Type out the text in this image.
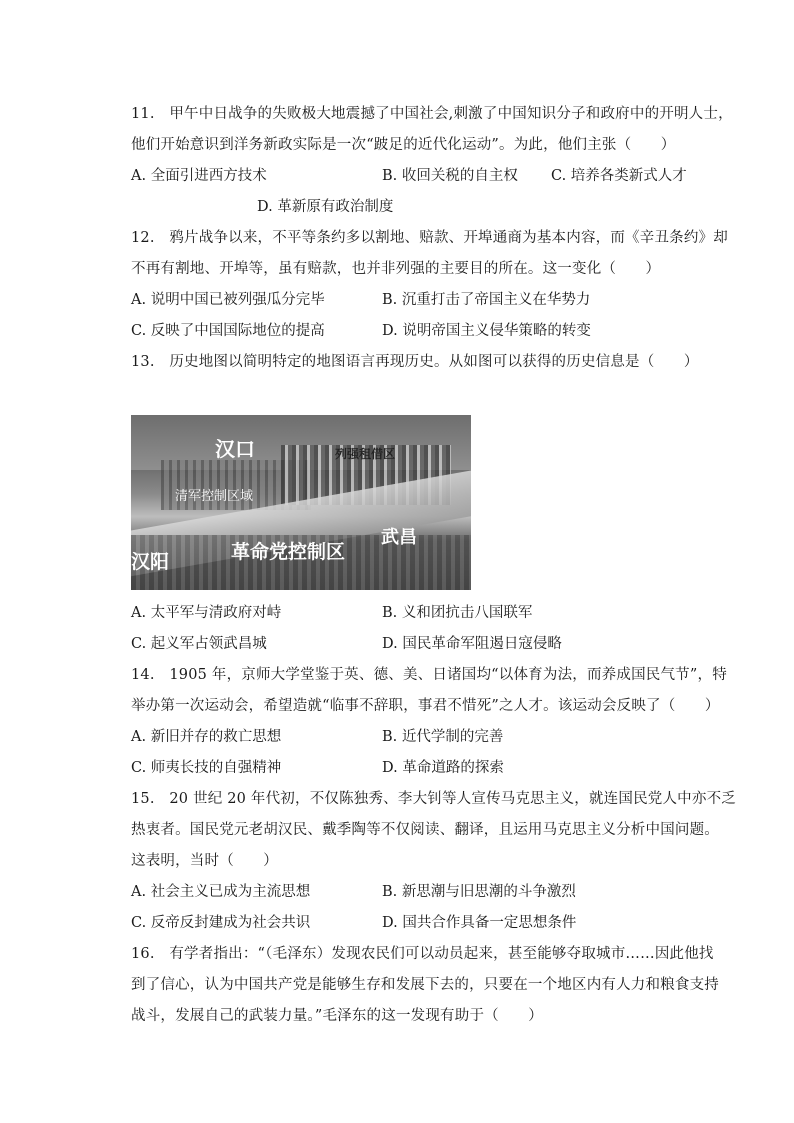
11.　甲午中日战争的失败极大地震撼了中国社会,刺激了中国知识分子和政府中的开明人士，
他们开始意识到洋务新政实际是一次“跛足的近代化运动”。为此，他们主张（　　）
A. 全面引进西方技术	B. 收回关税的自主权 C. 培养各类新式人才
D. 革新原有政治制度
12.　鸦片战争以来，不平等条约多以割地、赔款、开埠通商为基本内容，而《辛丑条约》却
不再有割地、开埠等，虽有赔款，也并非列强的主要目的所在。这一变化（　　）
A. 说明中国已被列强瓜分完毕	B. 沉重打击了帝国主义在华势力
C. 反映了中国国际地位的提高	D. 说明帝国主义侵华策略的转变
13.　历史地图以简明特定的地图语言再现历史。从如图可以获得的历史信息是（　　）
汉口	列强租借区
清军控制区域
武昌
汉阳	革命党控制区
A. 太平军与清政府对峙	B. 义和团抗击八国联军
C. 起义军占领武昌城	D. 国民革命军阻遏日寇侵略
14.　1905 年，京师大学堂鉴于英、德、美、日诸国均“以体育为法，而养成国民气节”，特
举办第一次运动会，希望造就“临事不辞职，事君不惜死”之人才。该运动会反映了（　　）
A. 新旧并存的救亡思想	B. 近代学制的完善
C. 师夷长技的自强精神	D. 革命道路的探索
15.　20 世纪 20 年代初，不仅陈独秀、李大钊等人宣传马克思主义，就连国民党人中亦不乏
热衷者。国民党元老胡汉民、戴季陶等不仅阅读、翻译，且运用马克思主义分析中国问题。
这表明，当时（　　）
A. 社会主义已成为主流思想	B. 新思潮与旧思潮的斗争激烈
C. 反帝反封建成为社会共识	D. 国共合作具备一定思想条件
16.　有学者指出：“（毛泽东）发现农民们可以动员起来，甚至能够夺取城市……因此他找
到了信心，认为中国共产党是能够生存和发展下去的，只要在一个地区内有人力和粮食支持
战斗，发展自己的武装力量。”毛泽东的这一发现有助于（　　）
